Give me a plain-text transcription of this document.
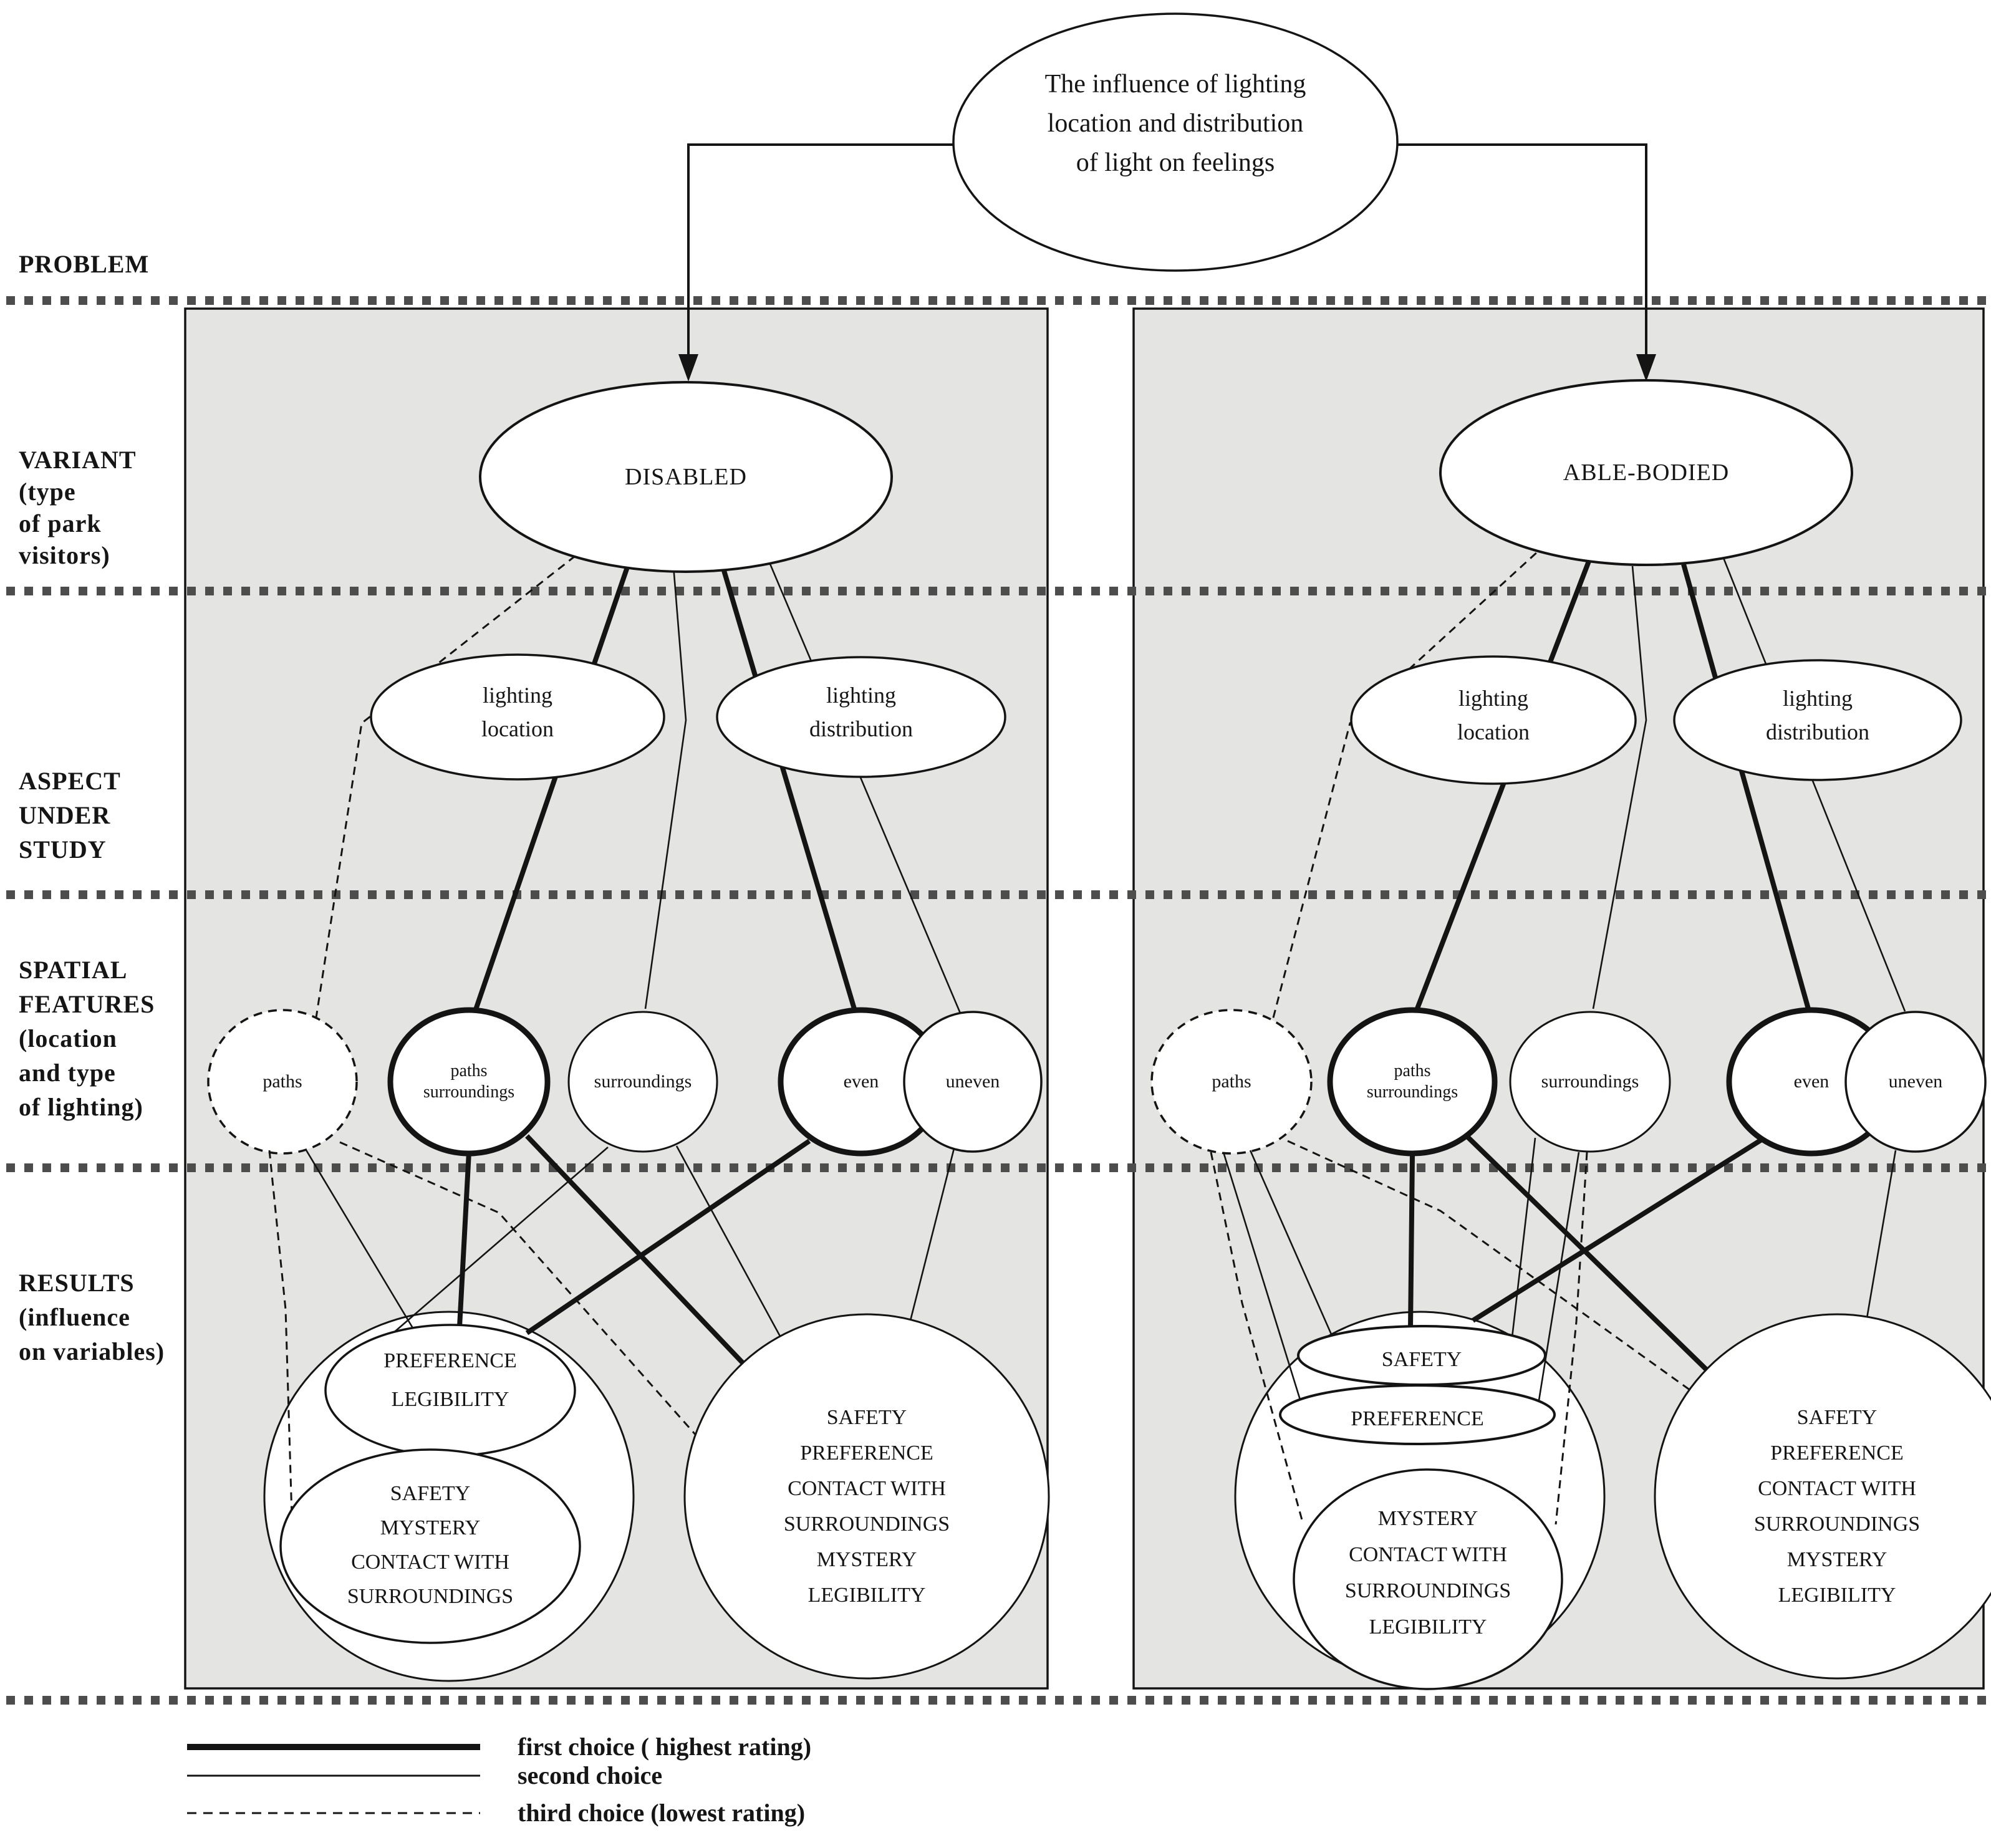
The influence of lighting
location and distribution
of light on feelings
PROBLEM
VARIANT
(type
of park
visitors)
ASPECT
UNDER
STUDY
SPATIAL
FEATURES
(location
and type
of lighting)
RESULTS
(influence
on variables)
DISABLED	ABLE-BODIED
lighting
location
lighting
distribution
lighting
location
lighting
distribution
paths
paths
surroundings
surroundings	even	uneven	paths
paths
surroundings
surroundings	even	uneven
PREFERENCE
LEGIBILITY
SAFETY
MYSTERY
CONTACT WITH
SURROUNDINGS
SAFETY
PREFERENCE
CONTACT WITH
SURROUNDINGS
MYSTERY
LEGIBILITY
SAFETY
PREFERENCE
MYSTERY
CONTACT WITH
SURROUNDINGS
LEGIBILITY
SAFETY
PREFERENCE
CONTACT WITH
SURROUNDINGS
MYSTERY
LEGIBILITY
first choice ( highest rating)
second choice
third choice (lowest rating)
